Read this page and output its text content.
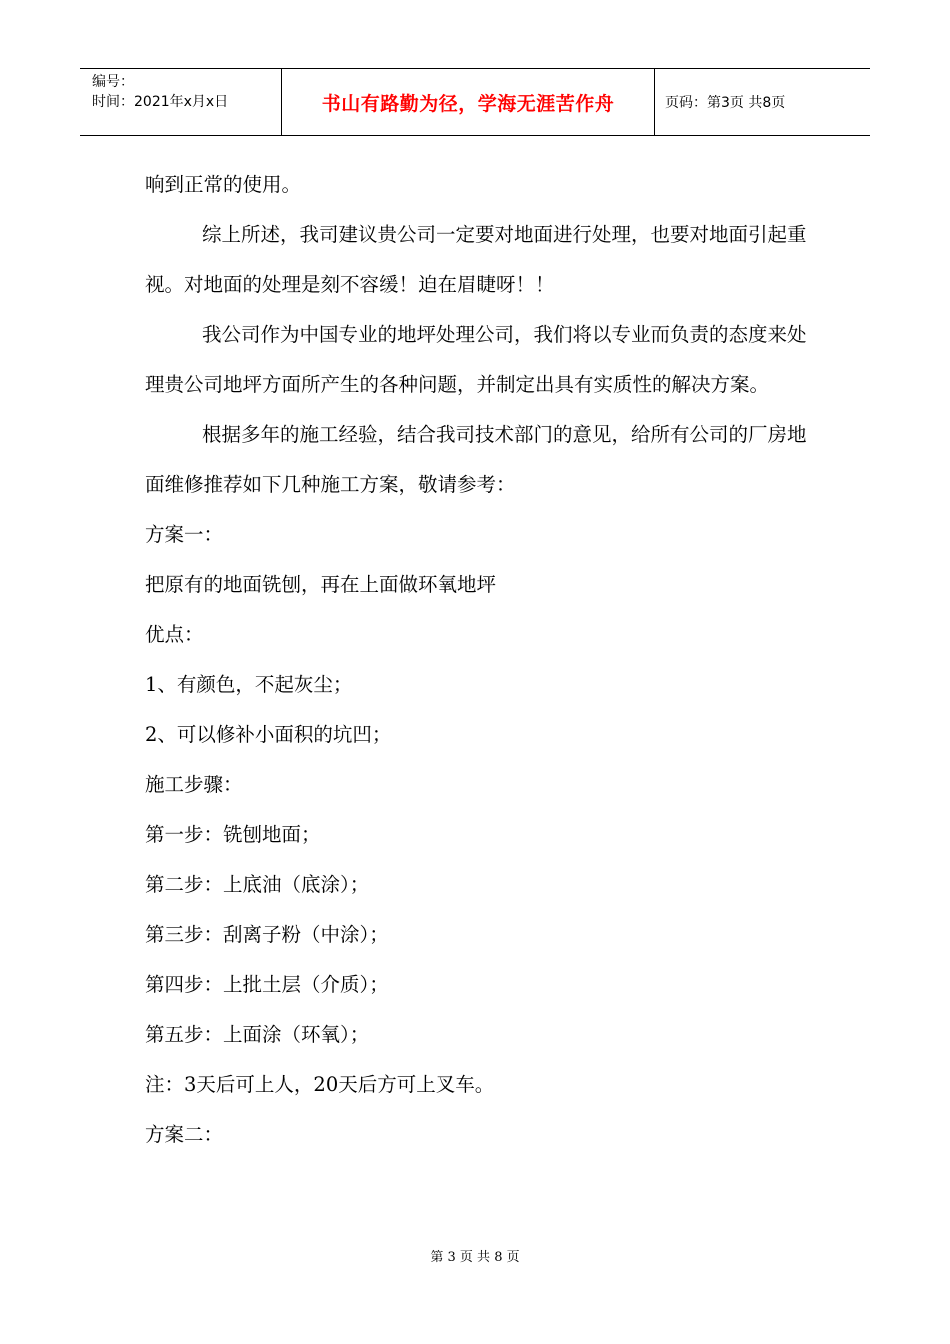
编号：
时间：2021年x月x日	书山有路勤为径，学海无涯苦作舟	页码：第3页 共8页

响到正常的使用。

综上所述，我司建议贵公司一定要对地面进行处理，也要对地面引起重视。对地面的处理是刻不容缓！迫在眉睫呀！！

我公司作为中国专业的地坪处理公司，我们将以专业而负责的态度来处理贵公司地坪方面所产生的各种问题，并制定出具有实质性的解决方案。

根据多年的施工经验，结合我司技术部门的意见，给所有公司的厂房地面维修推荐如下几种施工方案，敬请参考：

方案一：

把原有的地面铣刨，再在上面做环氧地坪

优点：

1、有颜色，不起灰尘；

2、可以修补小面积的坑凹；

施工步骤：

第一步：铣刨地面；

第二步：上底油（底涂）；

第三步：刮离子粉（中涂）；

第四步：上批土层（介质）；

第五步：上面涂（环氧）；

注：3天后可上人，20天后方可上叉车。

方案二：

第 3 页 共 8 页
